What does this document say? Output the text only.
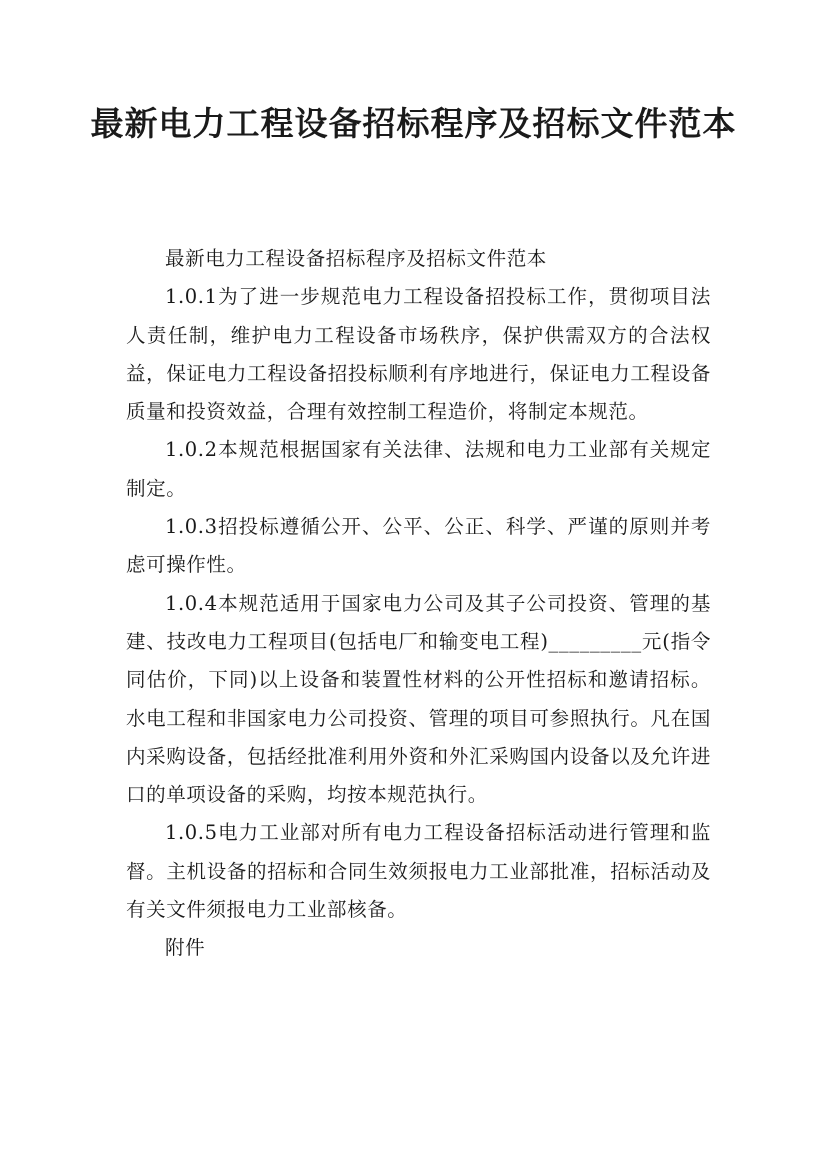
最新电力工程设备招标程序及招标文件范本

最新电力工程设备招标程序及招标文件范本

1.0.1为了进一步规范电力工程设备招投标工作，贯彻项目法人责任制，维护电力工程设备市场秩序，保护供需双方的合法权益，保证电力工程设备招投标顺利有序地进行，保证电力工程设备质量和投资效益，合理有效控制工程造价，将制定本规范。

1.0.2本规范根据国家有关法律、法规和电力工业部有关规定制定。

1.0.3招投标遵循公开、公平、公正、科学、严谨的原则并考虑可操作性。

1.0.4本规范适用于国家电力公司及其子公司投资、管理的基建、技改电力工程项目(包括电厂和输变电工程)_________元(指令同估价，下同)以上设备和装置性材料的公开性招标和邀请招标。水电工程和非国家电力公司投资、管理的项目可参照执行。凡在国内采购设备，包括经批准利用外资和外汇采购国内设备以及允许进口的单项设备的采购，均按本规范执行。

1.0.5电力工业部对所有电力工程设备招标活动进行管理和监督。主机设备的招标和合同生效须报电力工业部批准，招标活动及有关文件须报电力工业部核备。

附件
